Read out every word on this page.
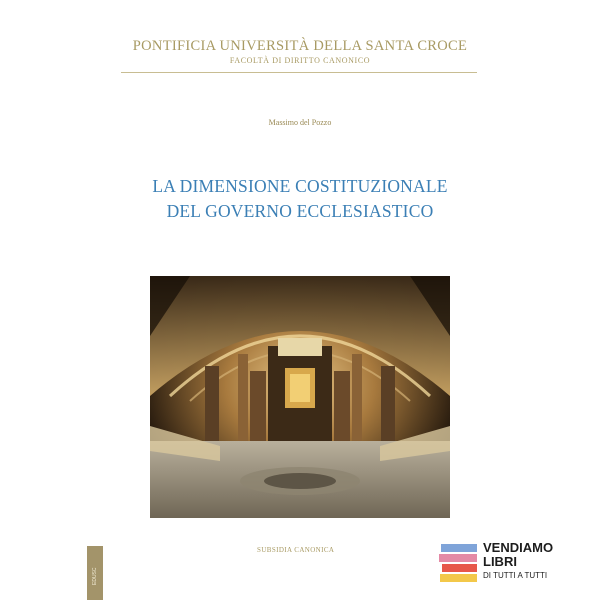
PONTIFICIA UNIVERSITÀ DELLA SANTA CROCE
FACOLTÀ DI DIRITTO CANONICO
Massimo del Pozzo
LA DIMENSIONE COSTITUZIONALE
DEL GOVERNO ECCLESIASTICO
EDUSC
SUBSIDIA CANONICA	VENDIAMO
LIBRI
DI TUTTI A TUTTI
